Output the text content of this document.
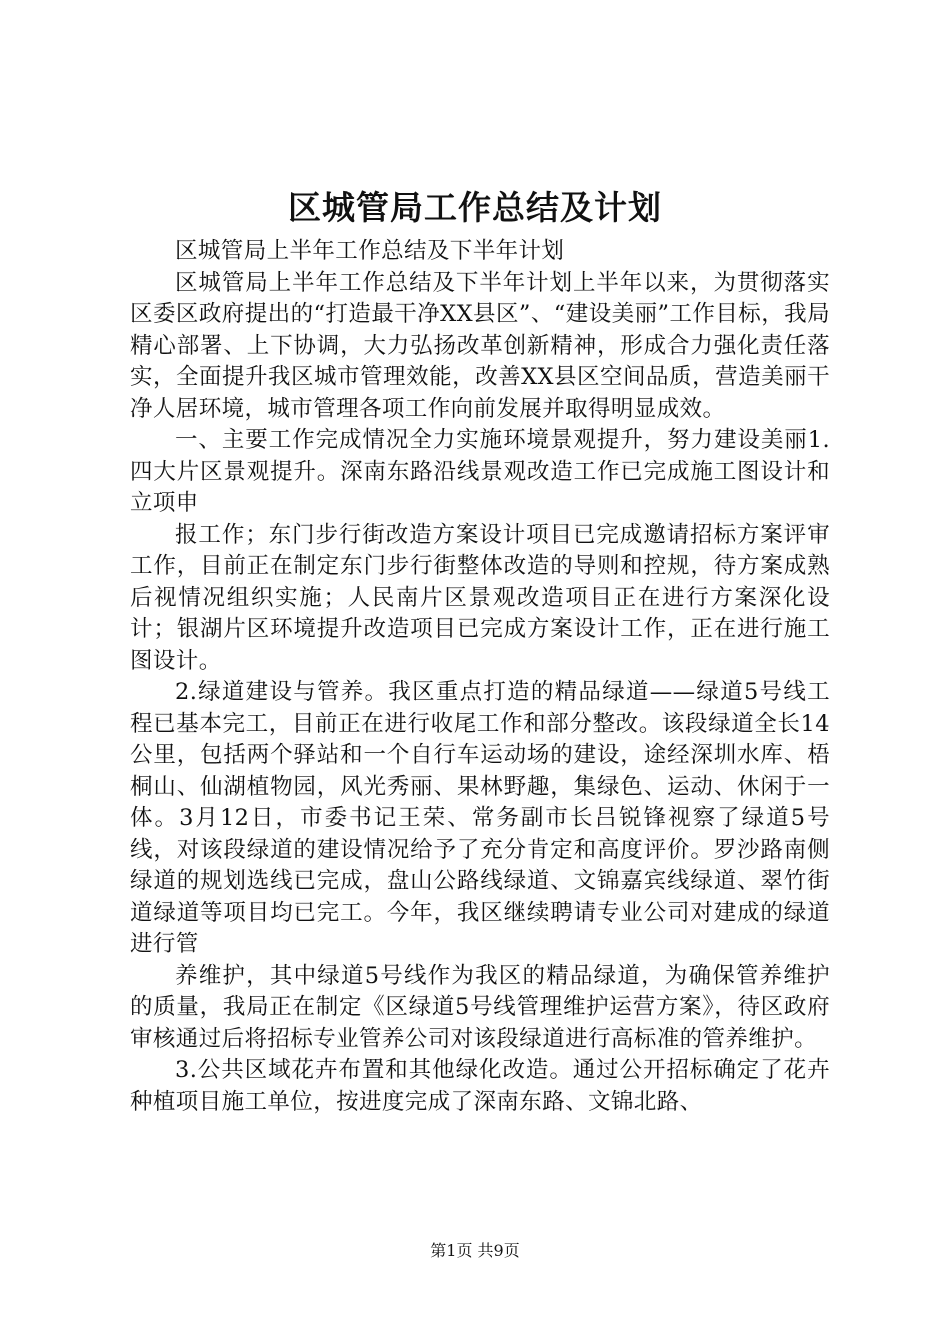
区城管局工作总结及计划

区城管局上半年工作总结及下半年计划

区城管局上半年工作总结及下半年计划上半年以来，为贯彻落实区委区政府提出的“打造最干净XX县区”、“建设美丽”工作目标，我局精心部署、上下协调，大力弘扬改革创新精神，形成合力强化责任落实，全面提升我区城市管理效能，改善XX县区空间品质，营造美丽干净人居环境，城市管理各项工作向前发展并取得明显成效。

一、主要工作完成情况全力实施环境景观提升，努力建设美丽1.四大片区景观提升。深南东路沿线景观改造工作已完成施工图设计和立项申

报工作；东门步行街改造方案设计项目已完成邀请招标方案评审工作，目前正在制定东门步行街整体改造的导则和控规，待方案成熟后视情况组织实施；人民南片区景观改造项目正在进行方案深化设计；银湖片区环境提升改造项目已完成方案设计工作，正在进行施工图设计。

2.绿道建设与管养。我区重点打造的精品绿道——绿道5号线工程已基本完工，目前正在进行收尾工作和部分整改。该段绿道全长14公里，包括两个驿站和一个自行车运动场的建设，途经深圳水库、梧桐山、仙湖植物园，风光秀丽、果林野趣，集绿色、运动、休闲于一体。3月12日，市委书记王荣、常务副市长吕锐锋视察了绿道5号线，对该段绿道的建设情况给予了充分肯定和高度评价。罗沙路南侧绿道的规划选线已完成，盘山公路线绿道、文锦嘉宾线绿道、翠竹街道绿道等项目均已完工。今年，我区继续聘请专业公司对建成的绿道进行管

养维护，其中绿道5号线作为我区的精品绿道，为确保管养维护的质量，我局正在制定《区绿道5号线管理维护运营方案》，待区政府审核通过后将招标专业管养公司对该段绿道进行高标准的管养维护。

3.公共区域花卉布置和其他绿化改造。通过公开招标确定了花卉种植项目施工单位，按进度完成了深南东路、文锦北路、

第1页 共9页
